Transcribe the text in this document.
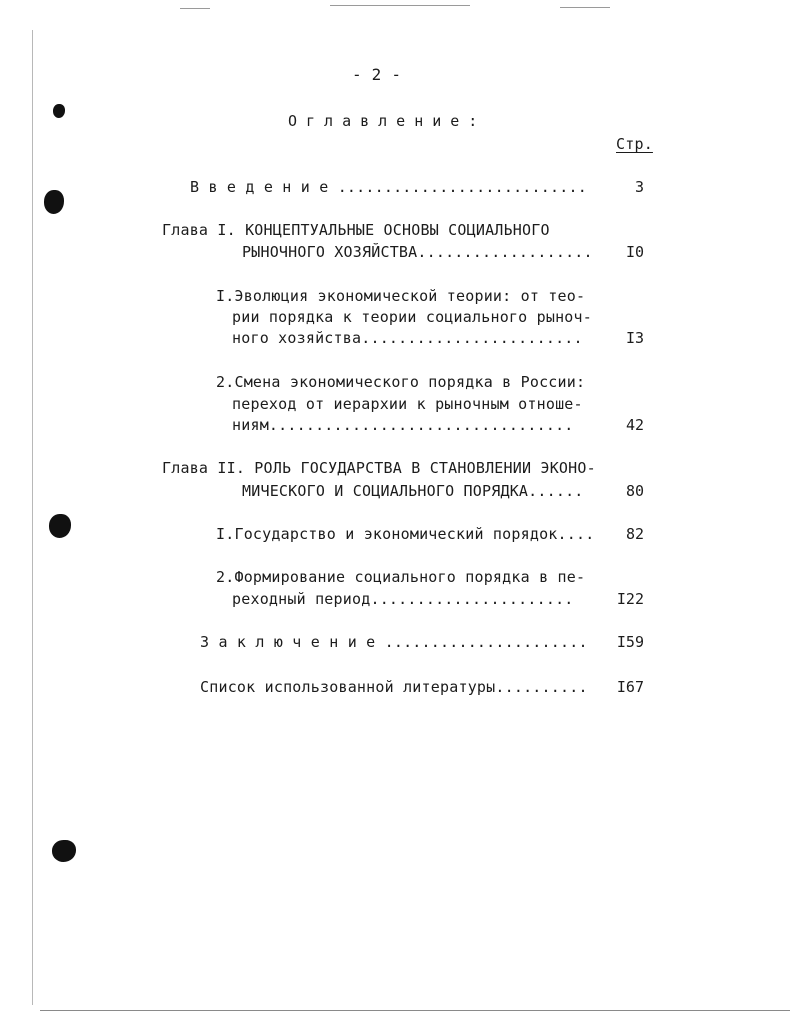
- 2 -
Оглавление:
Стр.
В в е д е н и е ...........................	3
Глава I. КОНЦЕПТУАЛЬНЫЕ ОСНОВЫ СОЦИАЛЬНОГО
РЫНОЧНОГО ХОЗЯЙСТВА...................	I0
I.Эволюция экономической теории: от тео-
рии порядка к теории социального рыноч-
ного хозяйства........................	I3
2.Смена экономического порядка в России:
переход от иерархии к рыночным отноше-
ниям.................................	42
Глава II. РОЛЬ ГОСУДАРСТВА В СТАНОВЛЕНИИ ЭКОНО-
МИЧЕСКОГО И СОЦИАЛЬНОГО ПОРЯДКА......	80
I.Государство и экономический порядок....	82
2.Формирование социального порядка в пе-
реходный период......................	I22
З а к л ю ч е н и е ......................	I59
Список использованной литературы..........	I67
